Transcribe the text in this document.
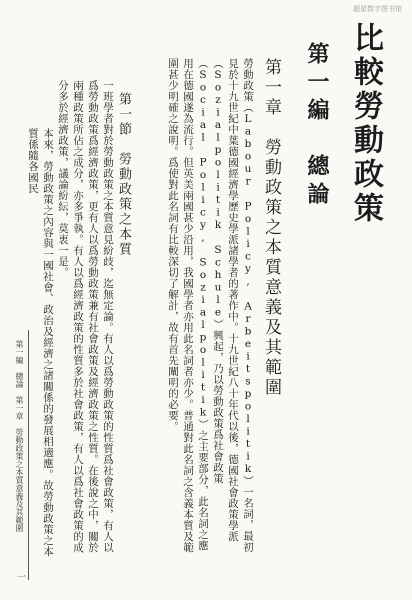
超星数字图书馆
比較勞動政策
第一編　總論
第一章　勞動政策之本質意義及其範圍
勞動政策（Labour Policy, Arbeitspolitik）一名詞，最初見於十九世紀中葉德國經濟學歷史學派諸學者的著作中。十九世紀八十年代以後，德國社會政策學派（Sozialpolitik Schule）興起，乃以勞動政策爲社會政策（Social Policy, Sozialpolitik）之主要部分，此名詞之應用在德國遂為流行。但英美兩國甚少沿用，我國學者亦用此名詞者亦少。普通對此名詞之含義本質及範圍甚少明確之說明。爲使對此名詞有比較深切了解計，故有首先闡明的必要。
第一節　勞動政策之本質
一班學者對於勞動政策之本質意見紛歧，迄無定論。有人以爲勞動政策的性質爲社會政策，有人以爲勞動政策爲經濟政策，更有人以爲勞動政策兼有社會政策及經濟政策之性質。在後說之中，關於兩種政策所佔之成分，亦多爭執。有人以爲經濟政策的性質多於社會政策，有人以爲社會政策的成分多於經濟政策，議論紛紜，莫衷一是。
本來，勞動政策之內容與一國社會、政治及經濟之諸關係的發展相適應。故勞動政策之本質係隨各國民
第一編　總論　第一章　勞動政策之本質意義及其範圍
一
